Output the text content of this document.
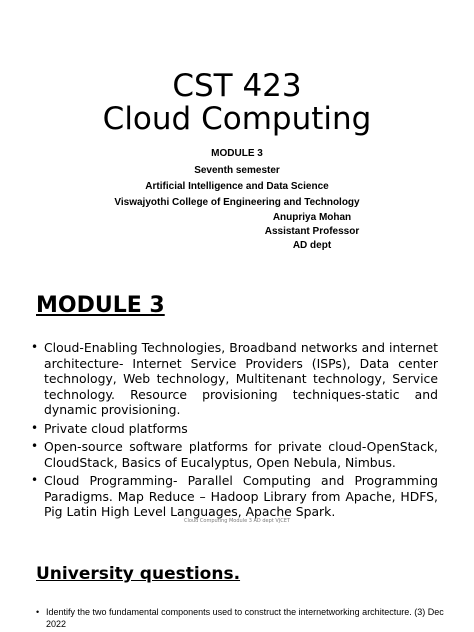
CST 423
Cloud Computing
MODULE 3
Seventh semester
Artificial Intelligence and Data Science
Viswajyothi College of Engineering and Technology
Anupriya Mohan
Assistant Professor
AD dept
MODULE 3
• Cloud-Enabling Technologies, Broadband networks and internet architecture- Internet Service Providers (ISPs), Data center technology, Web technology, Multitenant technology, Service technology. Resource provisioning techniques-static and dynamic provisioning.
• Private cloud platforms
• Open-source software platforms for private cloud-OpenStack, CloudStack, Basics of Eucalyptus, Open Nebula, Nimbus.
• Cloud Programming- Parallel Computing and Programming Paradigms. Map Reduce – Hadoop Library from Apache, HDFS, Pig Latin High Level Languages, Apache Spark.
Cloud Computing Module 3 AD dept VJCET
University questions.
• Identify the two fundamental components used to construct the internetworking architecture. (3) Dec 2022
